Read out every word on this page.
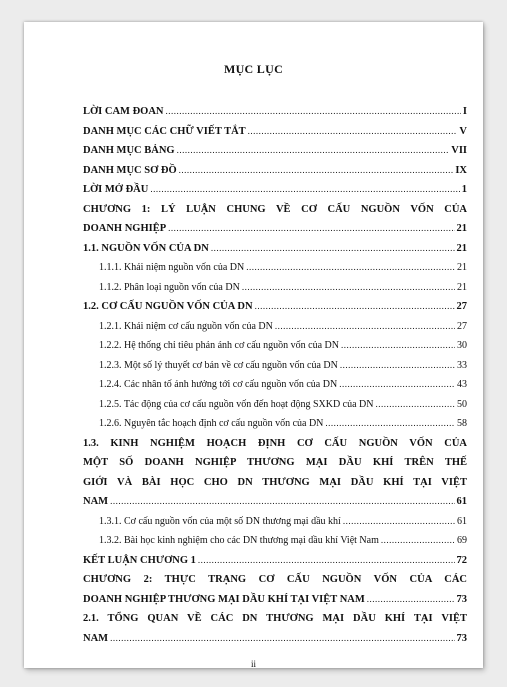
MỤC LỤC
LỜI CAM ĐOAN .....	I
DANH MỤC CÁC CHỮ VIẾT TẮT .....	V
DANH MỤC BẢNG .....	VII
DANH MỤC SƠ ĐỒ .....	IX
LỜI MỞ ĐẦU .....	1
CHƯƠNG 1: LÝ LUẬN CHUNG VỀ CƠ CẤU NGUỒN VỐN CỦA
DOANH NGHIỆP .....	21
1.1. NGUỒN VỐN CỦA DN .....	21
1.1.1. Khái niệm nguồn vốn của DN .....	21
1.1.2. Phân loại nguồn vốn của DN .....	21
1.2. CƠ CẤU NGUỒN VỐN CỦA DN .....	27
1.2.1. Khái niệm cơ cấu nguồn vốn của DN .....	27
1.2.2. Hệ thống chỉ tiêu phản ánh cơ cấu nguồn vốn của DN .....	30
1.2.3. Một số lý thuyết cơ bản về cơ cấu nguồn vốn của DN .....	33
1.2.4. Các nhân tố ảnh hưởng tới cơ cấu nguồn vốn của DN .....	43
1.2.5. Tác động của cơ cấu nguồn vốn đến hoạt động SXKD của DN .....	50
1.2.6. Nguyên tắc hoạch định cơ cấu nguồn vốn của DN .....	58
1.3. KINH NGHIỆM HOẠCH ĐỊNH CƠ CẤU NGUỒN VỐN CỦA
MỘT SỐ DOANH NGHIỆP THƯƠNG MẠI DẦU KHÍ TRÊN THẾ
GIỚI VÀ BÀI HỌC CHO DN THƯƠNG MẠI DẦU KHÍ TẠI VIỆT
NAM .....	61
1.3.1. Cơ cấu nguồn vốn của một số DN thương mại dầu khí .....	61
1.3.2. Bài học kinh nghiệm cho các DN thương mại dầu khí Việt Nam .....	69
KẾT LUẬN CHƯƠNG 1 .....	72
CHƯƠNG 2: THỰC TRẠNG CƠ CẤU NGUỒN VỐN CỦA CÁC
DOANH NGHIỆP THƯƠNG MẠI DẦU KHÍ TẠI VIỆT NAM .....	73
2.1. TỔNG QUAN VỀ CÁC DN THƯƠNG MẠI DẦU KHÍ TẠI VIỆT
NAM .....	73
ii
